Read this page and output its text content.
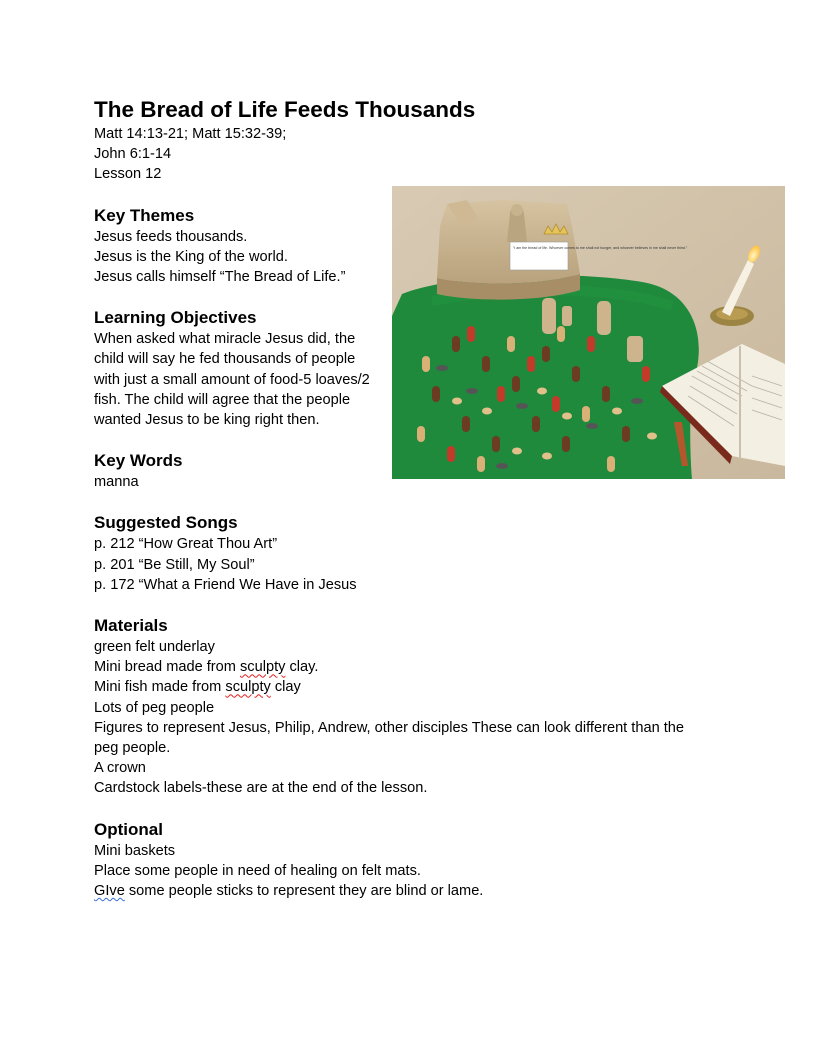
The Bread of Life Feeds Thousands

Matt 14:13-21; Matt 15:32-39;

John 6:1-14

Lesson 12

Key Themes

Jesus feeds thousands.

Jesus is the King of the world.

Jesus calls himself “The Bread of Life.”

Learning Objectives

When asked what miracle Jesus did, the child will say he fed thousands of people with just a small amount of food-5 loaves/2 fish. The child will agree that the people wanted Jesus to be king right then.

Key Words

manna

Suggested Songs

p. 212 “How Great Thou Art”

p. 201 “Be Still, My Soul”

p. 172 “What a Friend We Have in Jesus

Materials

green felt underlay

Mini bread made from sculpty clay.

Mini fish made from sculpty clay

Lots of peg people

Figures to represent Jesus, Philip, Andrew, other disciples These can look different than the peg people.

A crown

Cardstock labels-these are at the end of the lesson.

Optional

Mini baskets

Place some people in need of healing on felt mats.

GIve some people sticks to represent they are blind or lame.

“I am the bread of life. Whoever comes to me shall not hunger, and whoever believes in me shall never thirst.”
